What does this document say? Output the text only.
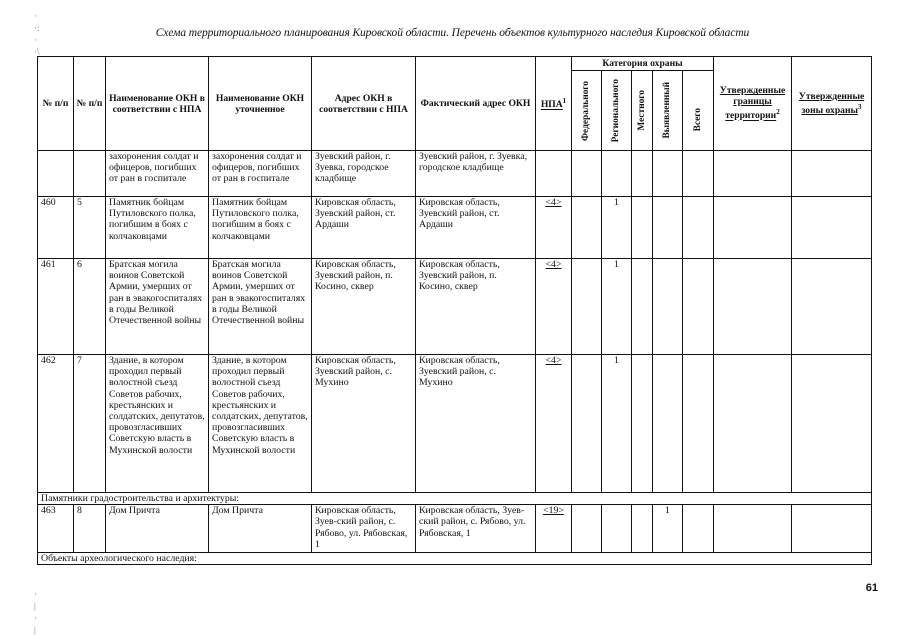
·
·:
·
·\
·
|
·
|
Схема территориального планирования Кировской области. Перечень объектов культурного наследия Кировской области
№ п/п	№ п/п	Наименование ОКН в соответствии с НПА	Наименование ОКН уточненное	Адрес ОКН в соответствии с НПА	Фактический адрес ОКН	НПА$^1$	Категория охраны					Утвержденные границы территории$^2$	Утвержденные зоны охраны$^3$

							Федерального	Регионального	Местного	Выявленный	Всего		

		захоронения солдат и офицеров, погибших от ран в госпитале	захоронения солдат и офицеров, погибших от ран в госпитале	Зуевский район, г. Зуевка, городское кладбище	Зуевский район, г. Зуевка, городское кладбище								
460	5	Памятник бойцам Путиловского полка, погибшим в боях с колчаковцами	Памятник бойцам Путиловского полка, погибшим в боях с колчаковцами	Кировская область, Зуевский район, ст. Ардаши	Кировская область, Зуевский район, ст. Ардаши	<4>		1					
461	6	Братская могила воинов Советской Армии, умерших от ран в эвакогоспиталях в годы Великой Отечественной войны	Братская могила воинов Советской Армии, умерших от ран в эвакогоспиталях в годы Великой Отечественной войны	Кировская область, Зуевский район, п. Косино, сквер	Кировская область, Зуевский район, п. Косино, сквер	<4>		1					
462	7	Здание, в котором проходил первый волостной съезд Советов рабочих, крестьянских и солдатских, депутатов, провозгласивших Советскую власть в Мухинской волости	Здание, в котором проходил первый волостной съезд Советов рабочих, крестьянских и солдатских, депутатов, провозгласивших Советскую власть в Мухинской волости	Кировская область, Зуевский район, с. Мухино	Кировская область, Зуевский район, с. Мухино	<4>		1					
Памятники градостроительства и архитектуры:													
463	8	Дом Причта	Дом Причта	Кировская область, Зуев-ский район, с. Рябово, ул. Рябовская, 1	Кировская область, Зуев-ский район, с. Рябово, ул. Рябовская, 1	<19>				1			
Объекты археологического наследия:													
61
